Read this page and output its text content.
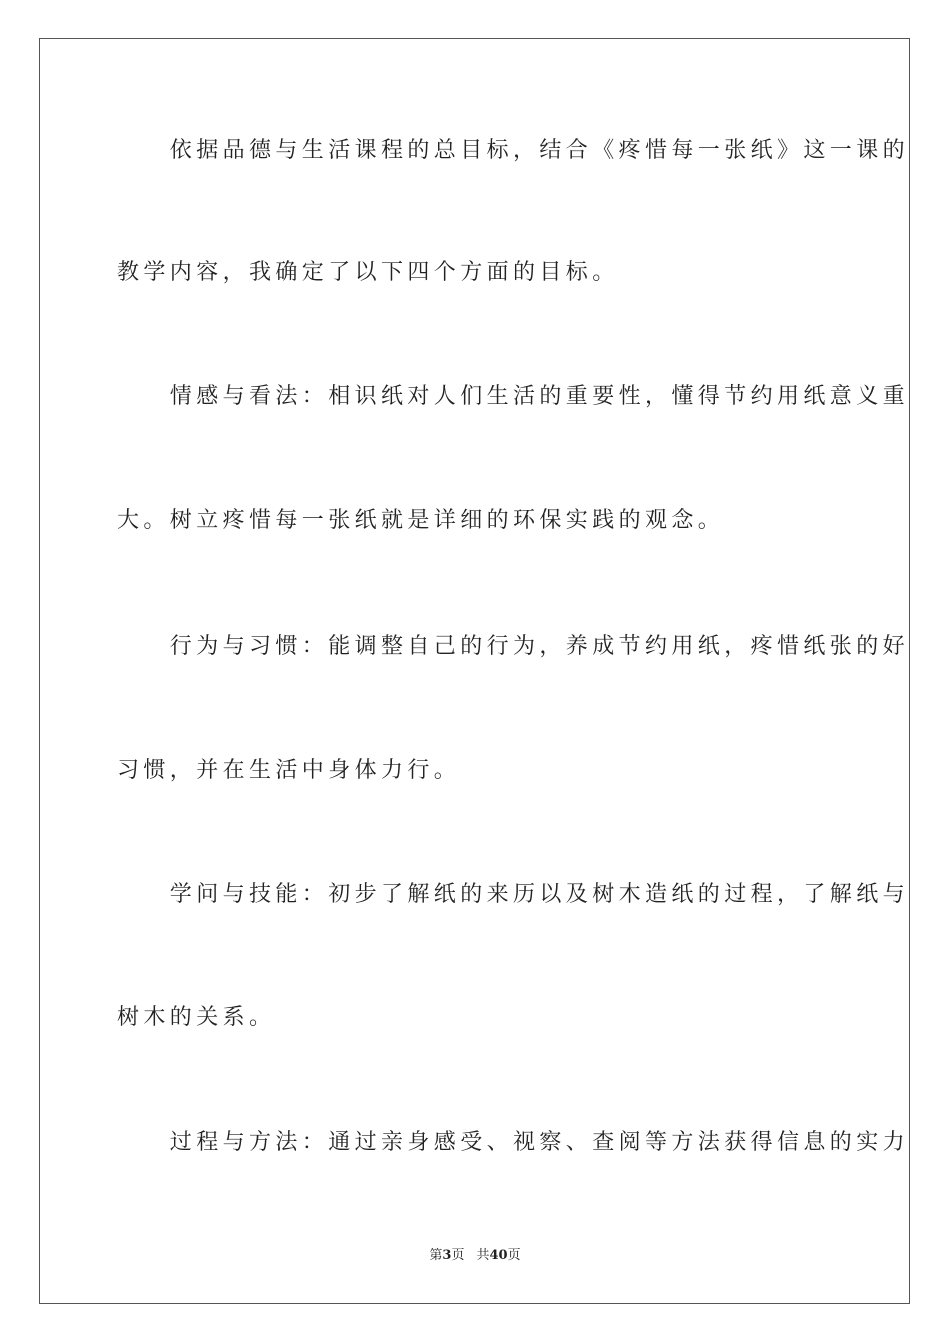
　　依据品德与生活课程的总目标，结合《疼惜每一张纸》这一课的
教学内容，我确定了以下四个方面的目标。
　　情感与看法：相识纸对人们生活的重要性，懂得节约用纸意义重
大。树立疼惜每一张纸就是详细的环保实践的观念。
　　行为与习惯：能调整自己的行为，养成节约用纸，疼惜纸张的好
习惯，并在生活中身体力行。
　　学问与技能：初步了解纸的来历以及树木造纸的过程，了解纸与
树木的关系。
　　过程与方法：通过亲身感受、视察、查阅等方法获得信息的实力
第3页 共40页
